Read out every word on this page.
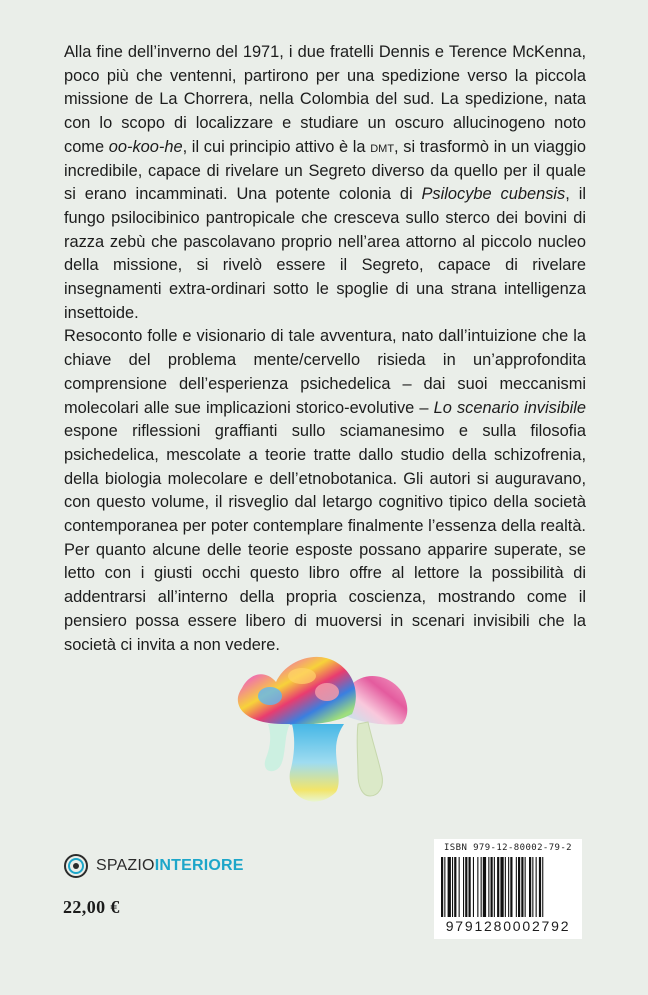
Alla fine dell’inverno del 1971, i due fratelli Dennis e Terence McKenna, poco più che ventenni, partirono per una spedizione verso la piccola missione de La Chorrera, nella Colombia del sud. La spedizione, nata con lo scopo di localizzare e studiare un oscuro allucinogeno noto come oo-koo-he, il cui principio attivo è la dmt, si trasformò in un viaggio incredibile, capace di rivelare un Segreto diverso da quello per il quale si erano incamminati. Una potente colonia di Psilocybe cubensis, il fungo psilocibinico pantropicale che cresceva sullo sterco dei bovini di razza zebù che pascolavano proprio nell’area attorno al piccolo nucleo della missione, si rivelò essere il Segreto, capace di rivelare insegnamenti extra-ordinari sotto le spoglie di una strana intelligenza insettoide.

Resoconto folle e visionario di tale avventura, nato dall’intuizione che la chiave del problema mente/cervello risieda in un’approfondita comprensione dell’esperienza psichedelica – dai suoi meccanismi molecolari alle sue implicazioni storico-evolutive – Lo scenario invisibile espone riflessioni graffianti sullo sciamanesimo e sulla filosofia psichedelica, mescolate a teorie tratte dallo studio della schizofrenia, della biologia molecolare e dell’etnobotanica. Gli autori si auguravano, con questo volume, il risveglio dal letargo cognitivo tipico della società contemporanea per poter contemplare finalmente l’essenza della realtà. Per quanto alcune delle teorie esposte possano apparire superate, se letto con i giusti occhi questo libro offre al lettore la possibilità di addentrarsi all’interno della propria coscienza, mostrando come il pensiero possa essere libero di muoversi in scenari invisibili che la società ci invita a non vedere.

SPAZIOINTERIORE
22,00 €
ISBN 979-12-80002-79-2
9791280002792
